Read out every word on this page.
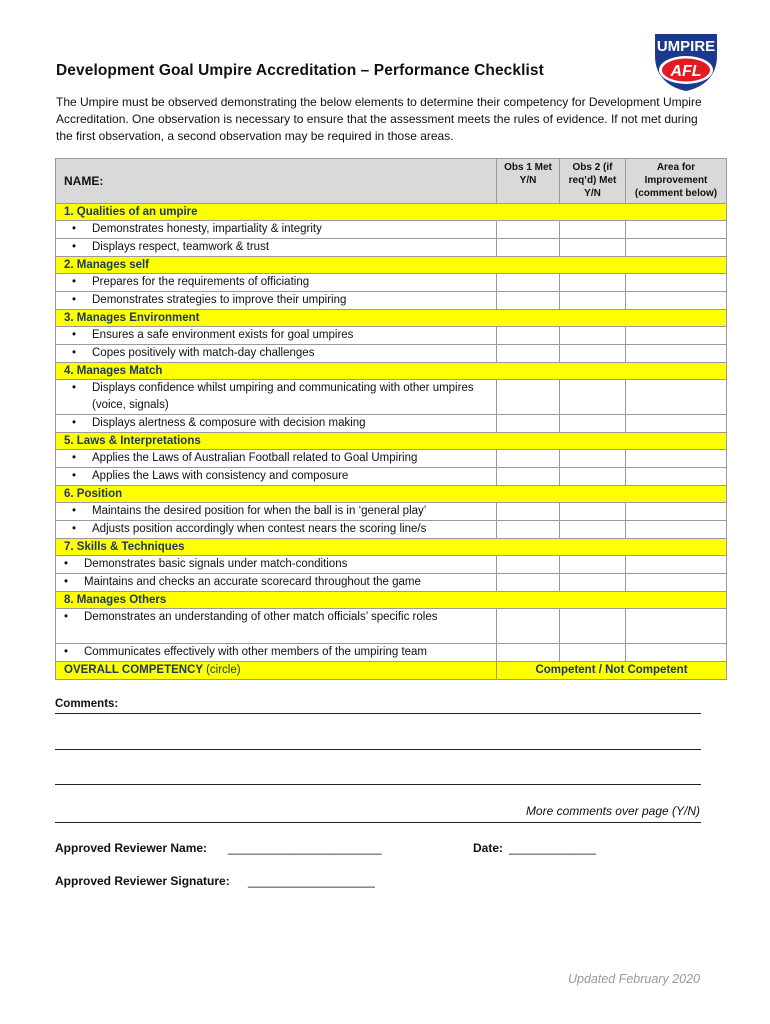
UMPIRE
AFL
Development Goal Umpire Accreditation – Performance Checklist
The Umpire must be observed demonstrating the below elements to determine their competency for Development Umpire Accreditation. One observation is necessary to ensure that the assessment meets the rules of evidence. If not met during the first observation, a second observation may be required in those areas.
NAME:	Obs 1 Met Y/N	Obs 2 (if req’d) Met Y/N	Area for Improvement (comment below)
1. Qualities of an umpire			

• Demonstrates honesty, impartiality & integrity			

• Displays respect, teamwork & trust			

2. Manages self			

• Prepares for the requirements of officiating			

• Demonstrates strategies to improve their umpiring			

3. Manages Environment			

• Ensures a safe environment exists for goal umpires			

• Copes positively with match-day challenges			

4. Manages Match			

• Displays confidence whilst umpiring and communicating with other umpires (voice, signals)			

• Displays alertness & composure with decision making			

5. Laws & Interpretations			

• Applies the Laws of Australian Football related to Goal Umpiring			

• Applies the Laws with consistency and composure			

6. Position			

• Maintains the desired position for when the ball is in ‘general play’			

• Adjusts position accordingly when contest nears the scoring line/s			

7. Skills & Techniques			

• Demonstrates basic signals under match-conditions			

• Maintains and checks an accurate scorecard throughout the game			

8. Manages Others			

• Demonstrates an understanding of other match officials’ specific roles			

• Communicates effectively with other members of the umpiring team			

OVERALL COMPETENCY (circle)	Competent / Not Competent		
Comments:
More comments over page (Y/N)
Approved Reviewer Name: _______________________	Date: _____________
Approved Reviewer Signature: ___________________
Updated February 2020
